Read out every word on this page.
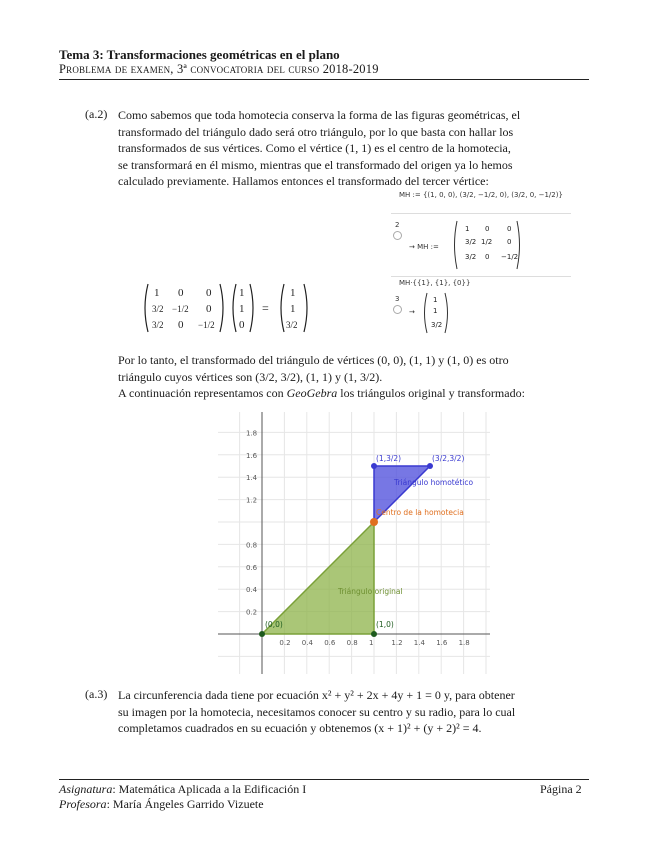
Tema 3: Transformaciones geométricas en el plano
Problema de examen, 3ª convocatoria del curso 2018-2019
(a.2) Como sabemos que toda homotecia conserva la forma de las figuras geométricas, el
transformado del triángulo dado será otro triángulo, por lo que basta con hallar los
transformados de sus vértices. Como el vértice (1, 1) es el centro de la homotecia,
se transformará en él mismo, mientras que el transformado del origen ya lo hemos
calculado previamente. Hallamos entonces el transformado del tercer vértice:
MH := {(1, 0, 0), (3/2, −1/2, 0), (3/2, 0, −1/2)}
2
→ MH :=
1 0	0
3/2 1/2 0
3/2 0 −1/2
MH·{{1}, {1}, {0}}
3
→
1
1
3/2
1 0 0
3/2 −1/2 0
3/2 0 −1/2
1
1
0
=
1
1
3/2
Por lo tanto, el transformado del triángulo de vértices (0, 0), (1, 1) y (1, 0) es otro
triángulo cuyos vértices son (3/2, 3/2), (1, 1) y (1, 3/2).
A continuación representamos con GeoGebra los triángulos original y transformado:
0.2 0.4 0.6 0.8 1	1.2 1.4 1.6 1.8
0.2
0.4
0.6
0.8
1.2
1.4
1.6
1.8
(0,0)	(1,0)
(1,3/2)	(3/2,3/2)
Triángulo original
Triángulo homotético
Centro de la homotecia
(a.3) La circunferencia dada tiene por ecuación x² + y² + 2x + 4y + 1 = 0 y, para obtener
su imagen por la homotecia, necesitamos conocer su centro y su radio, para lo cual
completamos cuadrados en su ecuación y obtenemos (x + 1)² + (y + 2)² = 4.
Asignatura: Matemática Aplicada a la Edificación I
Profesora: María Ángeles Garrido Vizuete
Página 2
